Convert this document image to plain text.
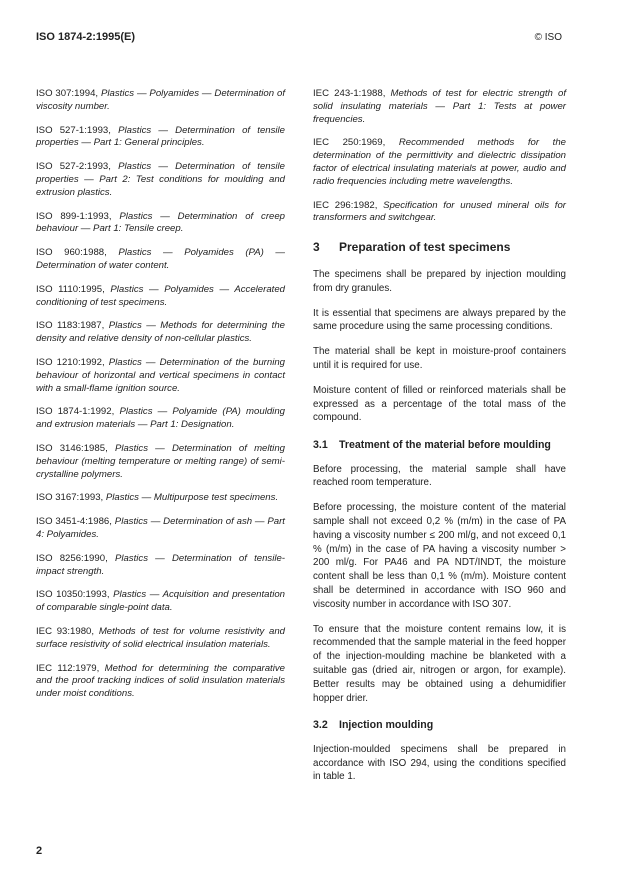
ISO 1874-2:1995(E)	© ISO

ISO 307:1994, Plastics — Polyamides — Determination of viscosity number.

ISO 527-1:1993, Plastics — Determination of tensile properties — Part 1: General principles.

ISO 527-2:1993, Plastics — Determination of tensile properties — Part 2: Test conditions for moulding and extrusion plastics.

ISO 899-1:1993, Plastics — Determination of creep behaviour — Part 1: Tensile creep.

ISO 960:1988, Plastics — Polyamides (PA) — Determination of water content.

ISO 1110:1995, Plastics — Polyamides — Accelerated conditioning of test specimens.

ISO 1183:1987, Plastics — Methods for determining the density and relative density of non-cellular plastics.

ISO 1210:1992, Plastics — Determination of the burning behaviour of horizontal and vertical specimens in contact with a small-flame ignition source.

ISO 1874-1:1992, Plastics — Polyamide (PA) moulding and extrusion materials — Part 1: Designation.

ISO 3146:1985, Plastics — Determination of melting behaviour (melting temperature or melting range) of semi-crystalline polymers.

ISO 3167:1993, Plastics — Multipurpose test specimens.

ISO 3451-4:1986, Plastics — Determination of ash — Part 4: Polyamides.

ISO 8256:1990, Plastics — Determination of tensile-impact strength.

ISO 10350:1993, Plastics — Acquisition and presentation of comparable single-point data.

IEC 93:1980, Methods of test for volume resistivity and surface resistivity of solid electrical insulation materials.

IEC 112:1979, Method for determining the comparative and the proof tracking indices of solid insulation materials under moist conditions.

IEC 243-1:1988, Methods of test for electric strength of solid insulating materials — Part 1: Tests at power frequencies.

IEC 250:1969, Recommended methods for the determination of the permittivity and dielectric dissipation factor of electrical insulating materials at power, audio and radio frequencies including metre wavelengths.

IEC 296:1982, Specification for unused mineral oils for transformers and switchgear.

3	Preparation of test specimens

The specimens shall be prepared by injection moulding from dry granules.

It is essential that specimens are always prepared by the same procedure using the same processing conditions.

The material shall be kept in moisture-proof containers until it is required for use.

Moisture content of filled or reinforced materials shall be expressed as a percentage of the total mass of the compound.

3.1	Treatment of the material before moulding

Before processing, the material sample shall have reached room temperature.

Before processing, the moisture content of the material sample shall not exceed 0,2 % (m/m) in the case of PA having a viscosity number ≤ 200 ml/g, and not exceed 0,1 % (m/m) in the case of PA having a viscosity number > 200 ml/g. For PA46 and PA NDT/INDT, the moisture content shall be less than 0,1 % (m/m). Moisture content shall be determined in accordance with ISO 960 and viscosity number in accordance with ISO 307.

To ensure that the moisture content remains low, it is recommended that the sample material in the feed hopper of the injection-moulding machine be blanketed with a suitable gas (dried air, nitrogen or argon, for example). Better results may be obtained using a dehumidifier hopper drier.

3.2	Injection moulding

Injection-moulded specimens shall be prepared in accordance with ISO 294, using the conditions specified in table 1.

2
